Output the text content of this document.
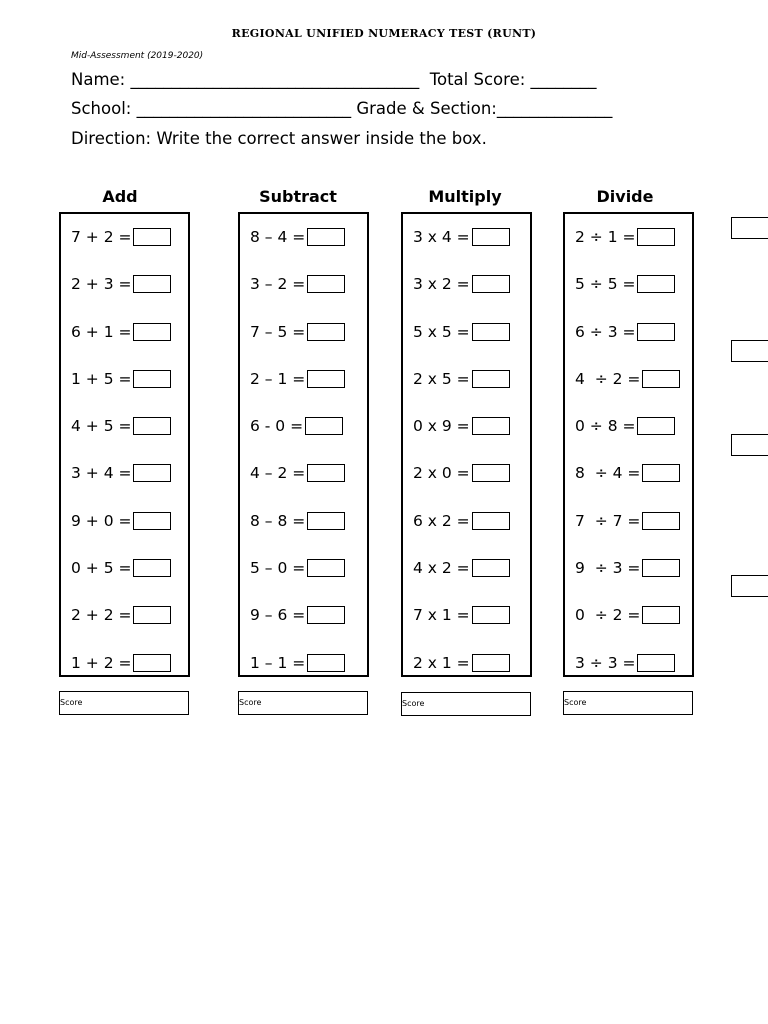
REGIONAL UNIFIED NUMERACY TEST (RUNT)
Mid-Assessment (2019-2020)
Name: ___________________________________  Total Score: ________
School: __________________________ Grade & Section:______________
Direction: Write the correct answer inside the box.
Add
7 + 2 =
2 + 3 =
6 + 1 =
1 + 5 =
4 + 5 =
3 + 4 =
9 + 0 =
0 + 5 =
2 + 2 =
1 + 2 =
Score
Subtract
8 – 4 =
3 – 2 =
7 – 5 =
2 – 1 =
6 - 0 =
4 – 2 =
8 – 8 =
5 – 0 =
9 – 6 =
1 – 1 =
Score
Multiply
3 x 4 =
3 x 2 =
5 x 5 =
2 x 5 =
0 x 9 =
2 x 0 =
6 x 2 =
4 x 2 =
7 x 1 =
2 x 1 =
Score
Divide
2 ÷ 1 =
5 ÷ 5 =
6 ÷ 3 =
4  ÷ 2 =
0 ÷ 8 =
8  ÷ 4 =
7  ÷ 7 =
9  ÷ 3 =
0  ÷ 2 =
3 ÷ 3 =
Score
